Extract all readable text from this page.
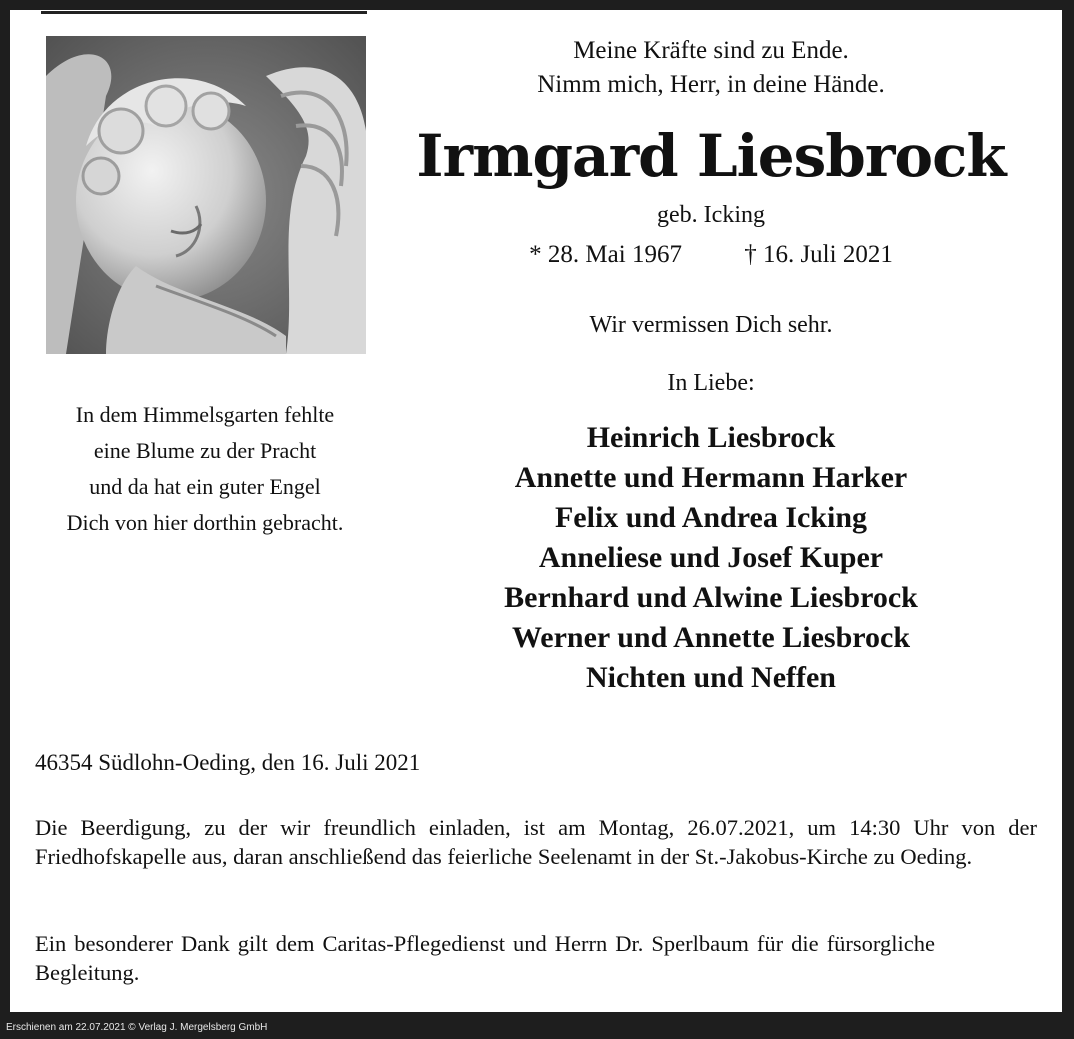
In dem Himmelsgarten fehlte
eine Blume zu der Pracht
und da hat ein guter Engel
Dich von hier dorthin gebracht.
Meine Kräfte sind zu Ende.
Nimm mich, Herr, in deine Hände.
Irmgard Liesbrock
geb. Icking
* 28. Mai 1967 † 16. Juli 2021
Wir vermissen Dich sehr.
In Liebe:
Heinrich Liesbrock
Annette und Hermann Harker
Felix und Andrea Icking
Anneliese und Josef Kuper
Bernhard und Alwine Liesbrock
Werner und Annette Liesbrock
Nichten und Neffen
46354 Südlohn-Oeding, den 16. Juli 2021
Die Beerdigung, zu der wir freundlich einladen, ist am Montag, 26.07.2021, um 14:30 Uhr von der Friedhofskapelle aus, daran anschließend das feierliche Seelenamt in der St.-Jakobus-Kirche zu Oeding.
Ein besonderer Dank gilt dem Caritas-Pflegedienst und Herrn Dr. Sperlbaum für die fürsorgliche Begleitung.
Erschienen am 22.07.2021 © Verlag J. Mergelsberg GmbH
